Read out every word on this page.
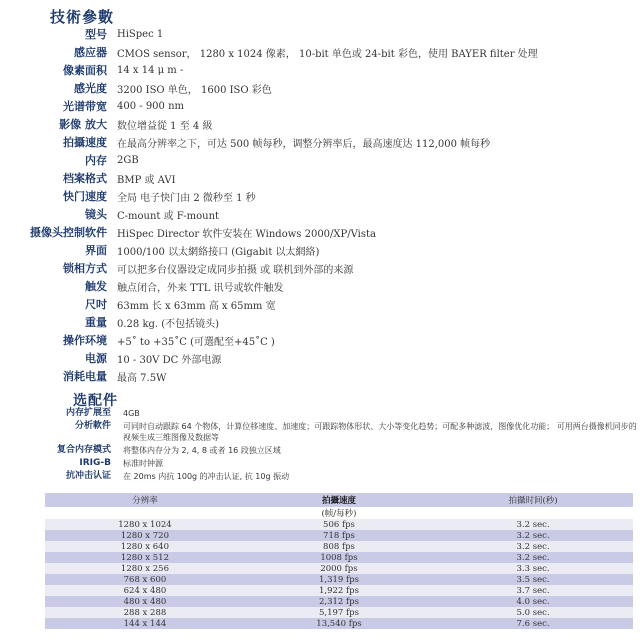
技術參數
型号 HiSpec 1
感应器 CMOS sensor， 1280 x 1024 像素， 10-bit 单色或 24-bit 彩色，使用 BAYER filter 处理
像素面积 14 x 14 μ m -
感光度 3200 ISO 单色， 1600 ISO 彩色
光谱带宽 400 - 900 nm
影像 放大 数位增益從 1 至 4 級
拍攝速度 在最高分辨率之下，可达 500 帧每秒，调整分辨率后，最高速度达 112,000 帧每秒
内存 2GB
档案格式 BMP 或 AVI
快门速度 全局 电子快门由 2 微秒至 1 秒
镜头 C-mount 或 F-mount
摄像头控制软件 HiSpec Director 软件安装在 Windows 2000/XP/Vista
界面 1000/100 以太網絡接口 (Gigabit 以太網絡)
锁相方式 可以把多台仪器设定成同步拍摄 或 联机到外部的来源
触发 触点闭合，外来 TTL 讯号或软件触发
尺吋 63mm 长 x 63mm 高 x 65mm 宽
重量 0.28 kg. (不包括镜头)
操作环境 +5˚ to +35˚C (可選配至+45˚C )
电源 10 - 30V DC 外部电源
消耗电量 最高 7.5W
选配件
内存扩展至 4GB
分析軟件 可同时自动跟踪 64 个物体，计算位移速度、加速度；可跟踪物体形状、大小等变化趋势；可配多种滤波，图像优化功能； 可用两台摄像机同步的视频生成三维图像及数据等
复合内存模式 将整体内存分为 2, 4, 8 或者 16 段独立区域
IRIG-B 标准时钟源
抗冲击认证 在 20ms 内抗 100g 的冲击认证, 抗 10g 振动
分辨率	拍攝速度	拍攝时间(秒)
	(帧/每秒)	
1280 x 1024	506 fps	3.2 sec.
1280 x 720	718 fps	3.2 sec.
1280 x 640	808 fps	3.2 sec.
1280 x 512	1008 fps	3.2 sec.
1280 x 256	2000 fps	3.3 sec.
768 x 600	1,319 fps	3.5 sec.
624 x 480	1,922 fps	3.7 sec.
480 x 480	2,312 fps	4.0 sec.
288 x 288	5,197 fps	5.0 sec.
144 x 144	13,540 fps	7.6 sec.
